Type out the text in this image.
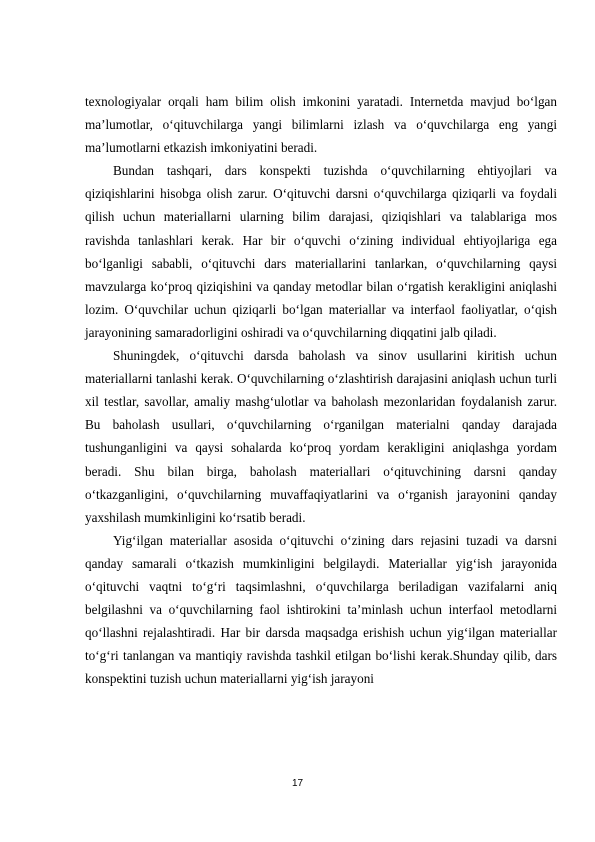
texnologiyalar orqali ham bilim olish imkonini yaratadi. Internetda mavjud bo‘lgan ma’lumotlar, o‘qituvchilarga yangi bilimlarni izlash va o‘quvchilarga eng yangi ma’lumotlarni etkazish imkoniyatini beradi.

Bundan tashqari, dars konspekti tuzishda o‘quvchilarning ehtiyojlari va qiziqishlarini hisobga olish zarur. O‘qituvchi darsni o‘quvchilarga qiziqarli va foydali qilish uchun materiallarni ularning bilim darajasi, qiziqishlari va talablariga mos ravishda tanlashlari kerak. Har bir o‘quvchi o‘zining individual ehtiyojlariga ega bo‘lganligi sababli, o‘qituvchi dars materiallarini tanlarkan, o‘quvchilarning qaysi mavzularga ko‘proq qiziqishini va qanday metodlar bilan o‘rgatish kerakligini aniqlashi lozim. O‘quvchilar uchun qiziqarli bo‘lgan materiallar va interfaol faoliyatlar, o‘qish jarayonining samaradorligini oshiradi va o‘quvchilarning diqqatini jalb qiladi.

Shuningdek, o‘qituvchi darsda baholash va sinov usullarini kiritish uchun materiallarni tanlashi kerak. O‘quvchilarning o‘zlashtirish darajasini aniqlash uchun turli xil testlar, savollar, amaliy mashg‘ulotlar va baholash mezonlaridan foydalanish zarur. Bu baholash usullari, o‘quvchilarning o‘rganilgan materialni qanday darajada tushunganligini va qaysi sohalarda ko‘proq yordam kerakligini aniqlashga yordam beradi. Shu bilan birga, baholash materiallari o‘qituvchining darsni qanday o‘tkazganligini, o‘quvchilarning muvaffaqiyatlarini va o‘rganish jarayonini qanday yaxshilash mumkinligini ko‘rsatib beradi.

Yig‘ilgan materiallar asosida o‘qituvchi o‘zining dars rejasini tuzadi va darsni qanday samarali o‘tkazish mumkinligini belgilaydi. Materiallar yig‘ish jarayonida o‘qituvchi vaqtni to‘g‘ri taqsimlashni, o‘quvchilarga beriladigan vazifalarni aniq belgilashni va o‘quvchilarning faol ishtirokini ta’minlash uchun interfaol metodlarni qo‘llashni rejalashtiradi. Har bir darsda maqsadga erishish uchun yig‘ilgan materiallar to‘g‘ri tanlangan va mantiqiy ravishda tashkil etilgan bo‘lishi kerak.Shunday qilib, dars konspektini tuzish uchun materiallarni yig‘ish jarayoni

17
